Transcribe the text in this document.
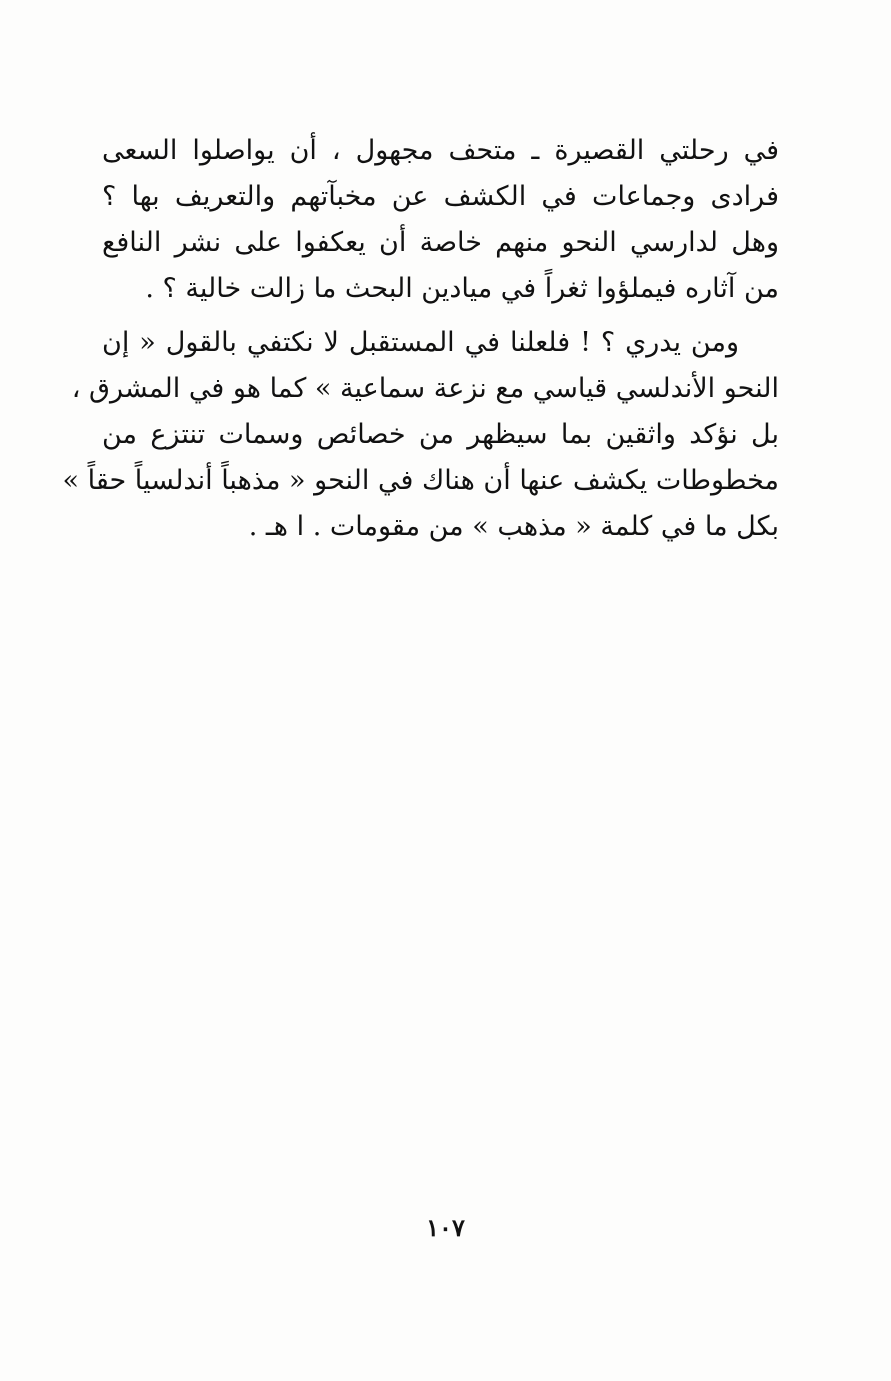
في رحلتي القصيرة ـ متحف مجهول ، أن يواصلوا السعى
فرادى وجماعات في الكشف عن مخبآتهم والتعريف بها ؟
وهل لدارسي النحو منهم خاصة أن يعكفوا على نشر النافع
من آثاره فيملؤوا ثغراً في ميادين البحث ما زالت خالية ؟ .

ومن يدري ؟ ! فلعلنا في المستقبل لا نكتفي بالقول « إن
النحو الأندلسي قياسي مع نزعة سماعية » كما هو في المشرق ،
بل نؤكد واثقين بما سيظهر من خصائص وسمات تنتزع من
مخطوطات يكشف عنها أن هناك في النحو « مذهباً أندلسياً حقاً »
بكل ما في كلمة « مذهب » من مقومات . ا هـ .

١٠٧
